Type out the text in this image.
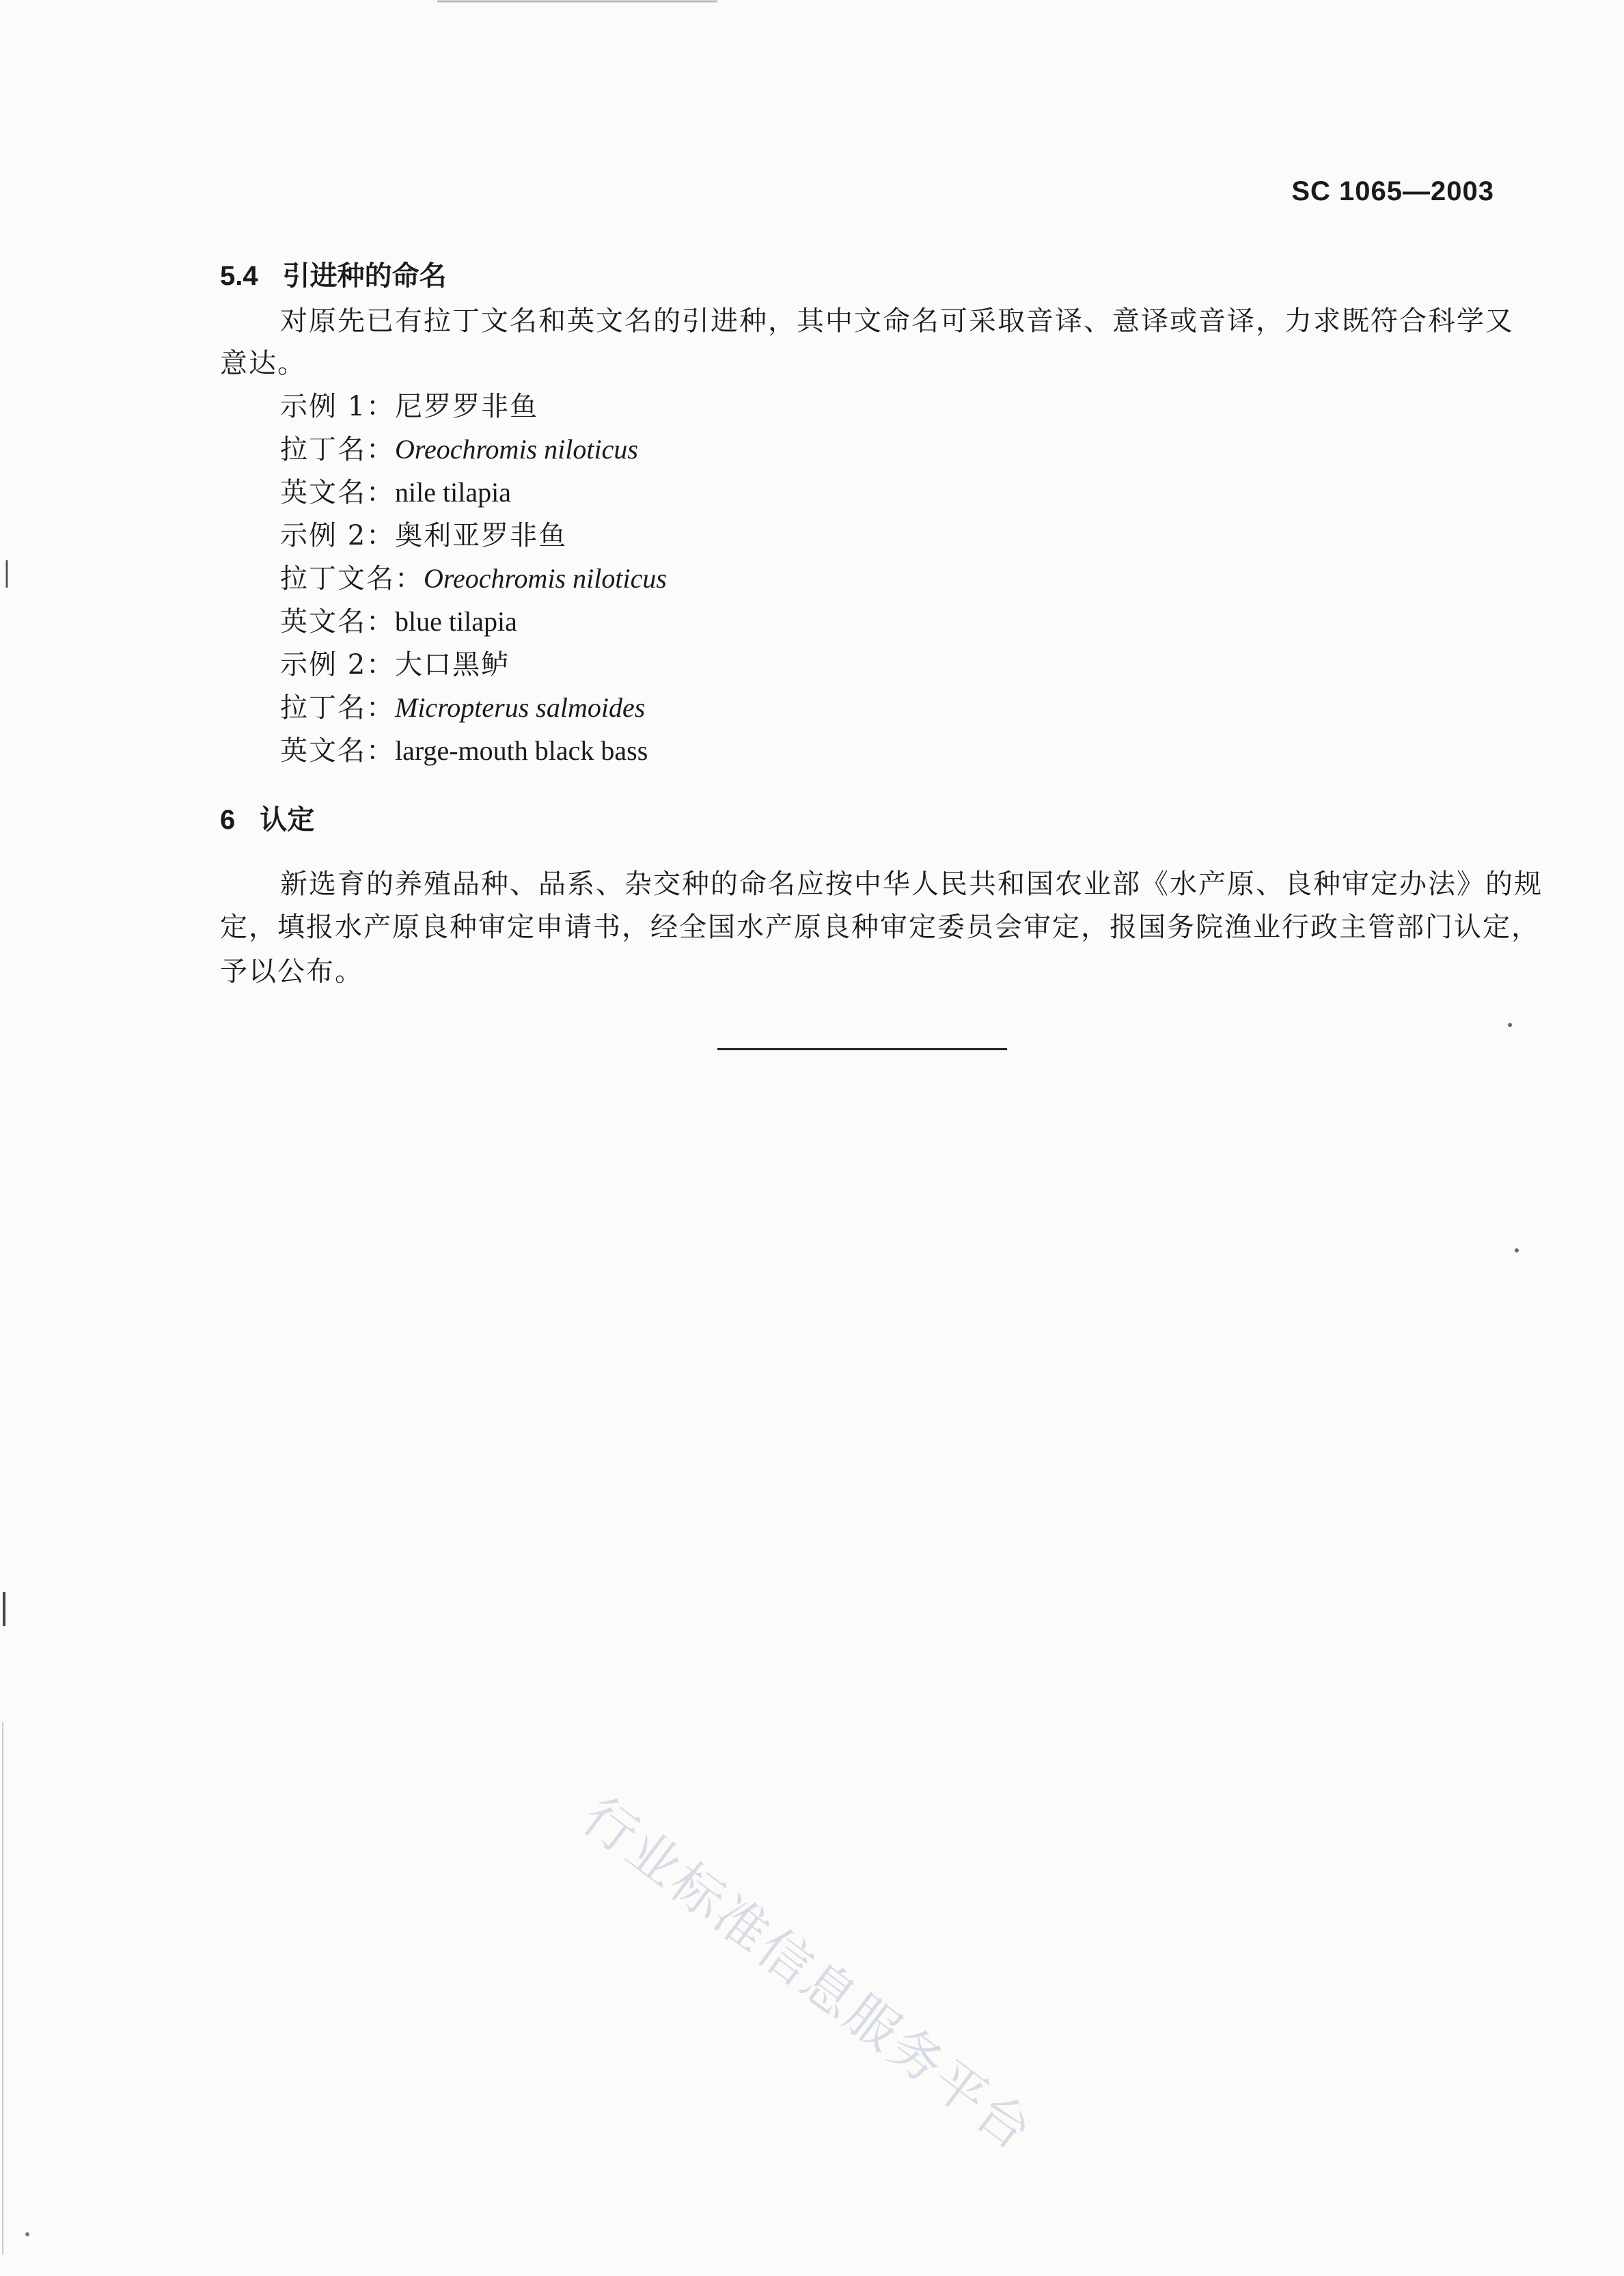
SC 1065—2003
5.4 引进种的命名
对原先已有拉丁文名和英文名的引进种，其中文命名可采取音译、意译或音译，力求既符合科学又
意达。
示例 1：尼罗罗非鱼
拉丁名：Oreochromis niloticus
英文名：nile tilapia
示例 2：奥利亚罗非鱼
拉丁文名：Oreochromis niloticus
英文名：blue tilapia
示例 2：大口黑鲈
拉丁名：Micropterus salmoides
英文名：large-mouth black bass
6 认定
新选育的养殖品种、品系、杂交种的命名应按中华人民共和国农业部《水产原、良种审定办法》的规
定，填报水产原良种审定申请书，经全国水产原良种审定委员会审定，报国务院渔业行政主管部门认定，
予以公布。
行业标准信息服务平台
